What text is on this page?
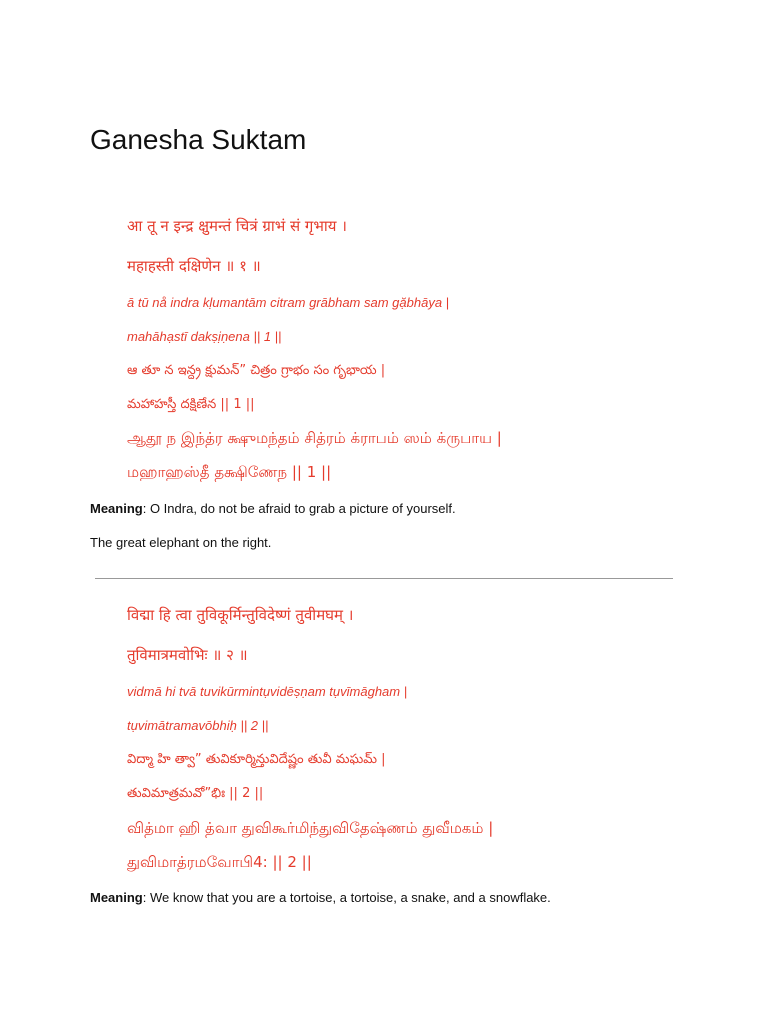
Ganesha Suktam
आ तू न इन्द्र क्षुमन्तं चित्रं ग्राभं सं गृभाय ।
महाहस्ती दक्षिणेन ॥ १ ॥
ā tū nå indra kḷumantām citram grābham sam gặbhāya |
mahāhạstī dakṣịṇena || 1 ||
ఆ తూ న ఇన్ద్ర క్షుమన్” చిత్రం గ్రాభం సం గృభాయ |
మహాహస్తీ దక్షిణేన || 1 ||
ஆதூ ந இந்த்ர க்ஷுமந்தம் சித்ரம் க்ராபம் ஸம் க்ருபாய |
மஹாஹஸ்தீ தக்ஷிணேந || 1 ||
Meaning: O Indra, do not be afraid to grab a picture of yourself.
The great elephant on the right.
विद्मा हि त्वा तुविकूर्मिन्तुविदेष्णं तुवीमघम् ।
तुविमात्रमवोभिः ॥ २ ॥
vidmā hi tvā tuvikūrmintụvidēṣṇam tụvīmāgham |
tụvimātramavōbhiḥ || 2 ||
విద్మా హి త్వా” తువికూర్మిన్తువిదేష్ణం తువీ మఘమ్ |
తువిమాత్రమవో”భిః || 2 ||
வித்மா ஹி த்வா துவிகூர்மிந்துவிதேஷ்ணம் துவீமகம் |
துவிமாத்ரமவோபி4: || 2 ||
Meaning: We know that you are a tortoise, a tortoise, a snake, and a snowflake.
